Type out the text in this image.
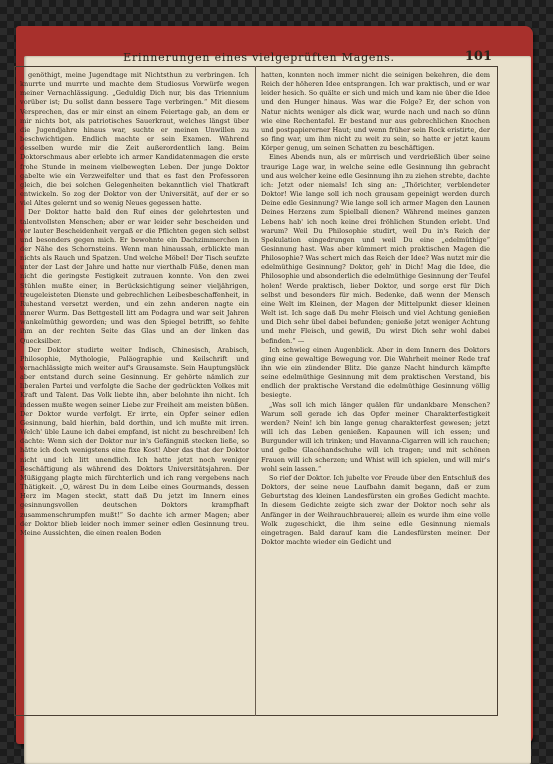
Erinnerungen eines vielgeprüften Magens.	101

genöthigt, meine Jugendtage mit Nichtsthun zu verbringen. Ich knurrte und murrte und machte dem Studiosus Vorwürfe wegen meiner Vernachlässigung. „Geduldig Dich nur, bis das Triennium vorüber ist; Du sollst dann bessere Tage verbringen.“ Mit diesem Versprechen, das er mir einst an einem Feiertage gab, an dem er mir nichts bot, als patriotisches Sauerkraut, welches längst über die Jugendjahre hinaus war, suchte er meinen Unwillen zu beschwichtigen. Endlich machte er sein Examen. Während desselben wurde mir die Zeit außerordentlich lang. Beim Doktorschmaus aber erlebte ich armer Kandidatenmagen die erste frohe Stunde in meinem vielbewegten Leben. Der junge Doktor gabelte wie ein Verzweifelter und that es fast den Professoren gleich, die bei solchen Gelegenheiten bekanntlich viel Thatkraft entwickeln. So zog der Doktor von der Universität, auf der er so viel Altes gelernt und so wenig Neues gegessen hatte.

Der Doktor hatte bald den Ruf eines der gelehrtesten und talentvollsten Menschen; aber er war leider sehr bescheiden und vor lauter Bescheidenheit vergaß er die Pflichten gegen sich selbst und besonders gegen mich. Er bewohnte ein Dachzimmerchen in der Nähe des Schornsteins. Wenn man hinaussah, erblickte man nichts als Rauch und Spatzen. Und welche Möbel! Der Tisch seufzte unter der Last der Jahre und hatte nur vierthalb Füße, denen man nicht die geringste Festigkeit zutrauen konnte. Von den zwei Stühlen mußte einer, in Berücksichtigung seiner vieljährigen, treugeleisteten Dienste und gebrechlichen Leibesbeschaffenheit, in Ruhestand versetzt werden, und ein zehn anderen nagte ein innerer Wurm. Das Bettgestell litt am Podagra und war seit Jahren wankelmüthig geworden; und was den Spiegel betrifft, so fehlte ihm an der rechten Seite das Glas und an der linken das Quecksilber.

Der Doktor studirte weiter Indisch, Chinesisch, Arabisch, Philosophie, Mythologie, Paläographie und Keilschrift und vernachlässigte mich weiter auf's Grausamste. Sein Hauptungslück aber entstand durch seine Gesinnung. Er gehörte nämlich zur liberalen Partei und verfolgte die Sache der gedrückten Volkes mit Kraft und Talent. Das Volk liebte ihn, aber belohnte ihn nicht. Ich indessen mußte wegen seiner Liebe zur Freiheit am meisten büßen. Der Doktor wurde verfolgt. Er irrte, ein Opfer seiner edlen Gesinnung, bald hierhin, bald dorthin, und ich mußte mit irren. Welch' üble Laune ich dabei empfand, ist nicht zu beschreiben! Ich dachte: Wenn sich der Doktor nur in's Gefängniß stecken ließe, so hätte ich doch wenigstens eine fixe Kost! Aber das that der Doktor nicht und ich litt unendlich. Ich hatte jetzt noch weniger Beschäftigung als während des Doktors Universitätsjahren. Der Müßiggang plagte mich fürchterlich und ich rang vergebens nach Thätigkeit. „O, wärest Du in dem Leibe eines Gourmands, dessen Herz im Magen steckt, statt daß Du jetzt im Innern eines gesinnungsvollen deutschen Doktors krampfhaft zusammenschrumpfen mußt!“ So dachte ich armer Magen; aber der Doktor blieb leider noch immer seiner edlen Gesinnung treu. Meine Aussichten, die einen realen Boden

hatten, konnten noch immer nicht die seinigen bekehren, die dem Reich der höheren Idee entsprangen. Ich war praktisch, und er war leider hesich. So quälte er sich und mich und kam nie über die Idee und den Hunger hinaus. Was war die Folge? Er, der schon von Natur nichts weniger als dick war, wurde nach und nach so dünn wie eine Rechentafel. Er bestand nur aus gebrechlichen Knochen und postpapiererner Haut; und wenn früher sein Rock eristirte, der so fing war, um ihm nicht zu weit zu sein, so hatte er jetzt kaum Körper genug, um seinen Schatten zu beschäftigen.

Eines Abends nun, als er mürrisch und verdrießlich über seine traurige Lage war, in welche seine edle Gesinnung ihn gebracht und aus welcher keine edle Gesinnung ihn zu ziehen strebte, dachte ich: Jetzt oder niemals! Ich sing an: „Thörichter, verblendeter Doktor! Wie lange soll ich noch grausam gepeinigt werden durch Deine edle Gesinnung? Wie lange soll ich armer Magen den Launen Deines Herzens zum Spielball dienen? Während meines ganzen Lebens hab' ich noch keine drei fröhlichen Stunden erlebt. Und warum? Weil Du Philosophie studirt, weil Du in's Reich der Spekulation eingedrungen und weil Du eine „edelmüthige“ Gesinnung hast. Was aber kümmert mich praktischen Magen die Philosophie? Was schert mich das Reich der Idee? Was nutzt mir die edelmüthige Gesinnung? Doktor, geh' in Dich! Mag die Idee, die Philosophie und absonderlich die edelmüthige Gesinnung der Teufel holen! Werde praktisch, lieber Doktor, und sorge erst für Dich selbst und besonders für mich. Bedenke, daß wenn der Mensch eine Welt im Kleinen, der Magen der Mittelpunkt dieser kleinen Welt ist. Ich sage daß Du mehr Fleisch und viel Achtung genießen und Dich sehr übel dabei befunden; genieße jetzt weniger Achtung und mehr Fleisch, und gewiß, Du wirst Dich sehr wohl dabei befinden.“ —

Ich schwieg einen Augenblick. Aber in dem Innern des Doktors ging eine gewaltige Bewegung vor. Die Wahrheit meiner Rede traf ihn wie ein zündender Blitz. Die ganze Nacht hindurch kämpfte seine edelmüthige Gesinnung mit dem praktischen Verstand, bis endlich der praktische Verstand die edelmüthige Gesinnung völlig besiegte.

„Was soll ich mich länger quälen für undankbare Menschen? Warum soll gerade ich das Opfer meiner Charakterfestigkeit werden? Nein! ich bin lange genug charakterfest gewesen; jetzt will ich das Leben genießen. Kapaunen will ich essen; und Burgunder will ich trinken; und Havanna-Cigarren will ich rauchen; und gelbe Glacéhandschuhe will ich tragen; und mit schönen Frauen will ich scherzen; und Whist will ich spielen, und will mir's wohl sein lassen.“

So rief der Doktor. Ich jubelte vor Freude über den Entschluß des Doktors, der seine neue Laufbahn damit begann, daß er zum Geburtstag des kleinen Landesfürsten ein großes Gedicht machte. In diesem Gedichte zeigte sich zwar der Doktor noch sehr als Anfänger in der Weihrauchbrauerei; allein es wurde ihm eine volle Wolk zugeschickt, die ihm seine edle Gesinnung niemals eingetragen. Bald darauf kam die Landesfürsten meiner. Der Doktor machte wieder ein Gedicht und
